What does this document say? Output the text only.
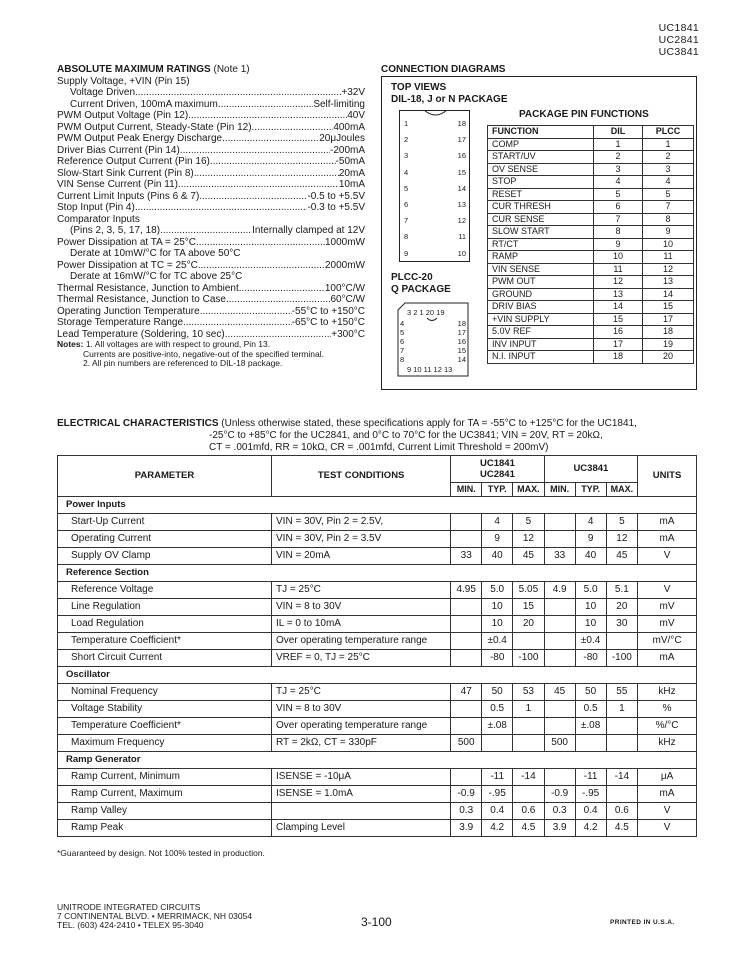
UC1841
UC2841
UC3841
ABSOLUTE MAXIMUM RATINGS (Note 1)
Supply Voltage, +VIN (Pin 15)
Voltage Driven . . .	+32V
Current Driven, 100mA maximum . . .	Self-limiting
PWM Output Voltage (Pin 12) . . .	40V
PWM Output Current, Steady-State (Pin 12) . . .	400mA
PWM Output Peak Energy Discharge . . .	20μJoules
Driver Bias Current (Pin 14) . . .	-200mA
Reference Output Current (Pin 16) . . .	-50mA
Slow-Start Sink Current (Pin 8) . . .	20mA
VIN Sense Current (Pin 11) . . .	10mA
Current Limit Inputs (Pins 6 & 7) . . .	-0.5 to +5.5V
Stop Input (Pin 4) . . .	-0.3 to +5.5V
Comparator Inputs
(Pins 2, 3, 5, 17, 18) . . .	Internally clamped at 12V
Power Dissipation at TA = 25°C . . .	1000mW
Derate at 10mW/°C for TA above 50°C
Power Dissipation at TC = 25°C . . .	2000mW
Derate at 16mW/°C for TC above 25°C
Thermal Resistance, Junction to Ambient . . .	100°C/W
Thermal Resistance, Junction to Case . . .	60°C/W
Operating Junction Temperature . . .	-55°C to +150°C
Storage Temperature Range . . .	-65°C to +150°C
Lead Temperature (Soldering, 10 sec) . . .	+300°C
Notes: 1. All voltages are with respect to ground, Pin 13.
Currents are positive-into, negative-out of the specified terminal.
2. All pin numbers are referenced to DIL-18 package.
CONNECTION DIAGRAMS
TOP VIEWS
DIL-18, J or N PACKAGE
1
2
3
4
5
6
7
8
9
18
17
16
15
14
13
12
11
10
PLCC-20
Q PACKAGE
3 2 1 20 19
4
5
6
7
8
18
17
16
15
14
9 10 11 12 13
PACKAGE PIN FUNCTIONS
FUNCTION	DIL	PLCC
COMP	1	1
START/UV	2	2
OV SENSE	3	3
STOP	4	4
RESET	5	5
CUR THRESH	6	7
CUR SENSE	7	8
SLOW START	8	9
RT/CT	9	10
RAMP	10	11
VIN SENSE	11	12
PWM OUT	12	13
GROUND	13	14
DRIV BIAS	14	15
+VIN SUPPLY	15	17
5.0V REF	16	18
INV INPUT	17	19
N.I. INPUT	18	20
ELECTRICAL CHARACTERISTICS (Unless otherwise stated, these specifications apply for TA = -55°C to +125°C for the UC1841,
-25°C to +85°C for the UC2841, and 0°C to 70°C for the UC3841; VIN = 20V, RT = 20kΩ,
CT = .001mfd, RR = 10kΩ, CR = .001mfd, Current Limit Threshold = 200mV)
PARAMETER	TEST CONDITIONS	UC1841
UC2841			UC3841			UNITS
		MIN.	TYP.	MAX.	MIN.	TYP.	MAX.	
Power Inputs								
Start-Up Current	VIN = 30V, Pin 2 = 2.5V,		4	5		4	5	mA
Operating Current	VIN = 30V, Pin 2 = 3.5V		9	12		9	12	mA
Supply OV Clamp	VIN = 20mA	33	40	45	33	40	45	V
Reference Section								
Reference Voltage	TJ = 25°C	4.95	5.0	5.05	4.9	5.0	5.1	V
Line Regulation	VIN = 8 to 30V		10	15		10	20	mV
Load Regulation	IL = 0 to 10mA		10	20		10	30	mV
Temperature Coefficient*	Over operating temperature range		±0.4			±0.4		mV/°C
Short Circuit Current	VREF = 0, TJ = 25°C		-80	-100		-80	-100	mA
Oscillator								
Nominal Frequency	TJ = 25°C	47	50	53	45	50	55	kHz
Voltage Stability	VIN = 8 to 30V		0.5	1		0.5	1	%
Temperature Coefficient*	Over operating temperature range		±.08			±.08		%/°C
Maximum Frequency	RT = 2kΩ, CT = 330pF	500			500			kHz
Ramp Generator								
Ramp Current, Minimum	ISENSE = -10μA		-11	-14		-11	-14	μA
Ramp Current, Maximum	ISENSE = 1.0mA	-0.9	-.95		-0.9	-.95		mA
Ramp Valley		0.3	0.4	0.6	0.3	0.4	0.6	V
Ramp Peak	Clamping Level	3.9	4.2	4.5	3.9	4.2	4.5	V
*Guaranteed by design. Not 100% tested in production.
UNITRODE INTEGRATED CIRCUITS
7 CONTINENTAL BLVD. • MERRIMACK, NH 03054
TEL. (603) 424-2410 • TELEX 95-3040	3-100	PRINTED IN U.S.A.
